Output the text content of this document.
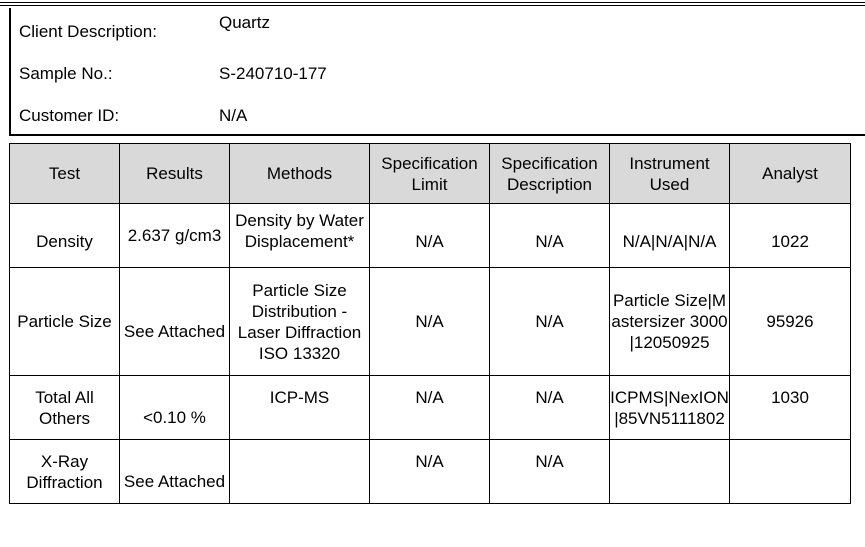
Client Description:	Quartz
Sample No.:	S-240710-177
Customer ID:	N/A
Test	Results	Methods	Specification Limit	Specification Description	Instrument Used	Analyst
Density	2.637 g/cm3	Density by Water Displacement*	N/A	N/A	N/A|N/A|N/A	1022
Particle Size	See Attached	Particle Size Distribution - Laser Diffraction ISO 13320	N/A	N/A	Particle Size|Mastersizer 3000|12050925	95926
Total All Others	<0.10 %	ICP-MS	N/A	N/A	ICPMS|NexION|85VN5111802	1030
X-Ray Diffraction	See Attached		N/A	N/A		
